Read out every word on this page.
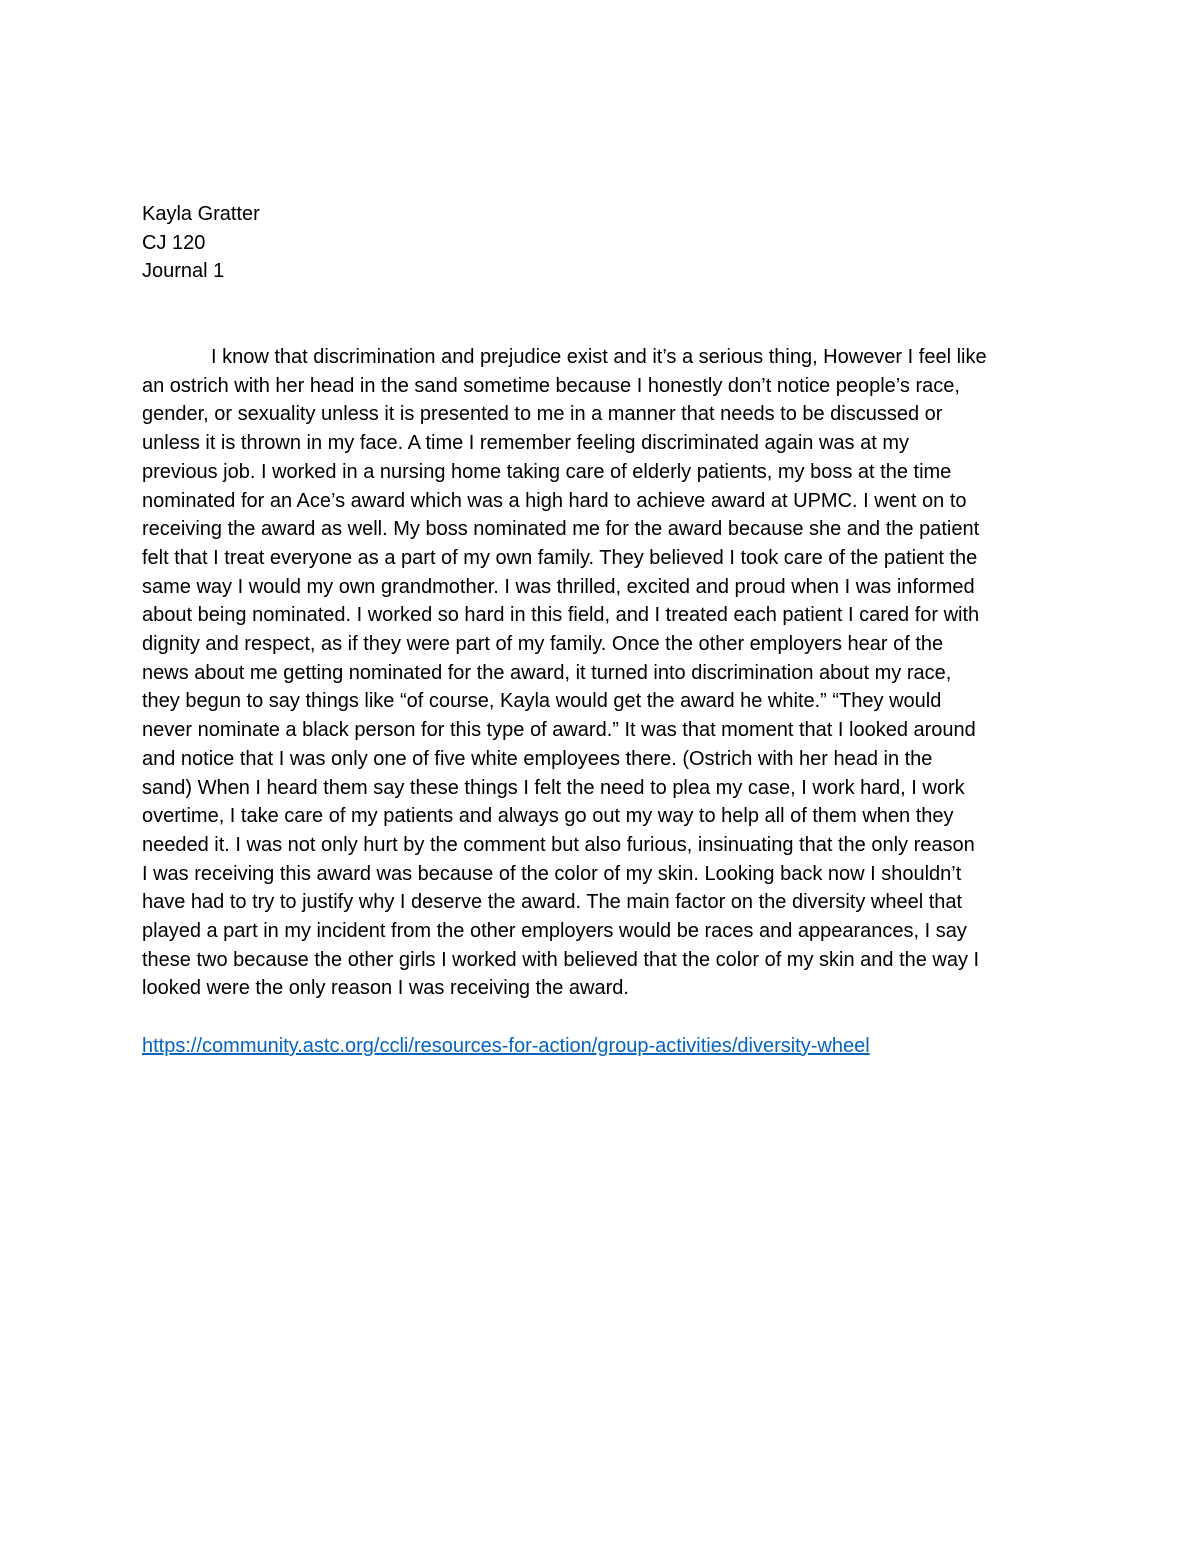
Kayla Gratter
CJ 120
Journal 1
I know that discrimination and prejudice exist and it’s a serious thing, However I feel like
an ostrich with her head in the sand sometime because I honestly don’t notice people’s race,
gender, or sexuality unless it is presented to me in a manner that needs to be discussed or
unless it is thrown in my face. A time I remember feeling discriminated again was at my
previous job. I worked in a nursing home taking care of elderly patients, my boss at the time
nominated for an Ace’s award which was a high hard to achieve award at UPMC. I went on to
receiving the award as well. My boss nominated me for the award because she and the patient
felt that I treat everyone as a part of my own family. They believed I took care of the patient the
same way I would my own grandmother. I was thrilled, excited and proud when I was informed
about being nominated. I worked so hard in this field, and I treated each patient I cared for with
dignity and respect, as if they were part of my family. Once the other employers hear of the
news about me getting nominated for the award, it turned into discrimination about my race,
they begun to say things like “of course, Kayla would get the award he white.” “They would
never nominate a black person for this type of award.” It was that moment that I looked around
and notice that I was only one of five white employees there. (Ostrich with her head in the
sand) When I heard them say these things I felt the need to plea my case, I work hard, I work
overtime, I take care of my patients and always go out my way to help all of them when they
needed it. I was not only hurt by the comment but also furious, insinuating that the only reason
I was receiving this award was because of the color of my skin. Looking back now I shouldn’t
have had to try to justify why I deserve the award. The main factor on the diversity wheel that
played a part in my incident from the other employers would be races and appearances, I say
these two because the other girls I worked with believed that the color of my skin and the way I
looked were the only reason I was receiving the award.
https://community.astc.org/ccli/resources-for-action/group-activities/diversity-wheel
